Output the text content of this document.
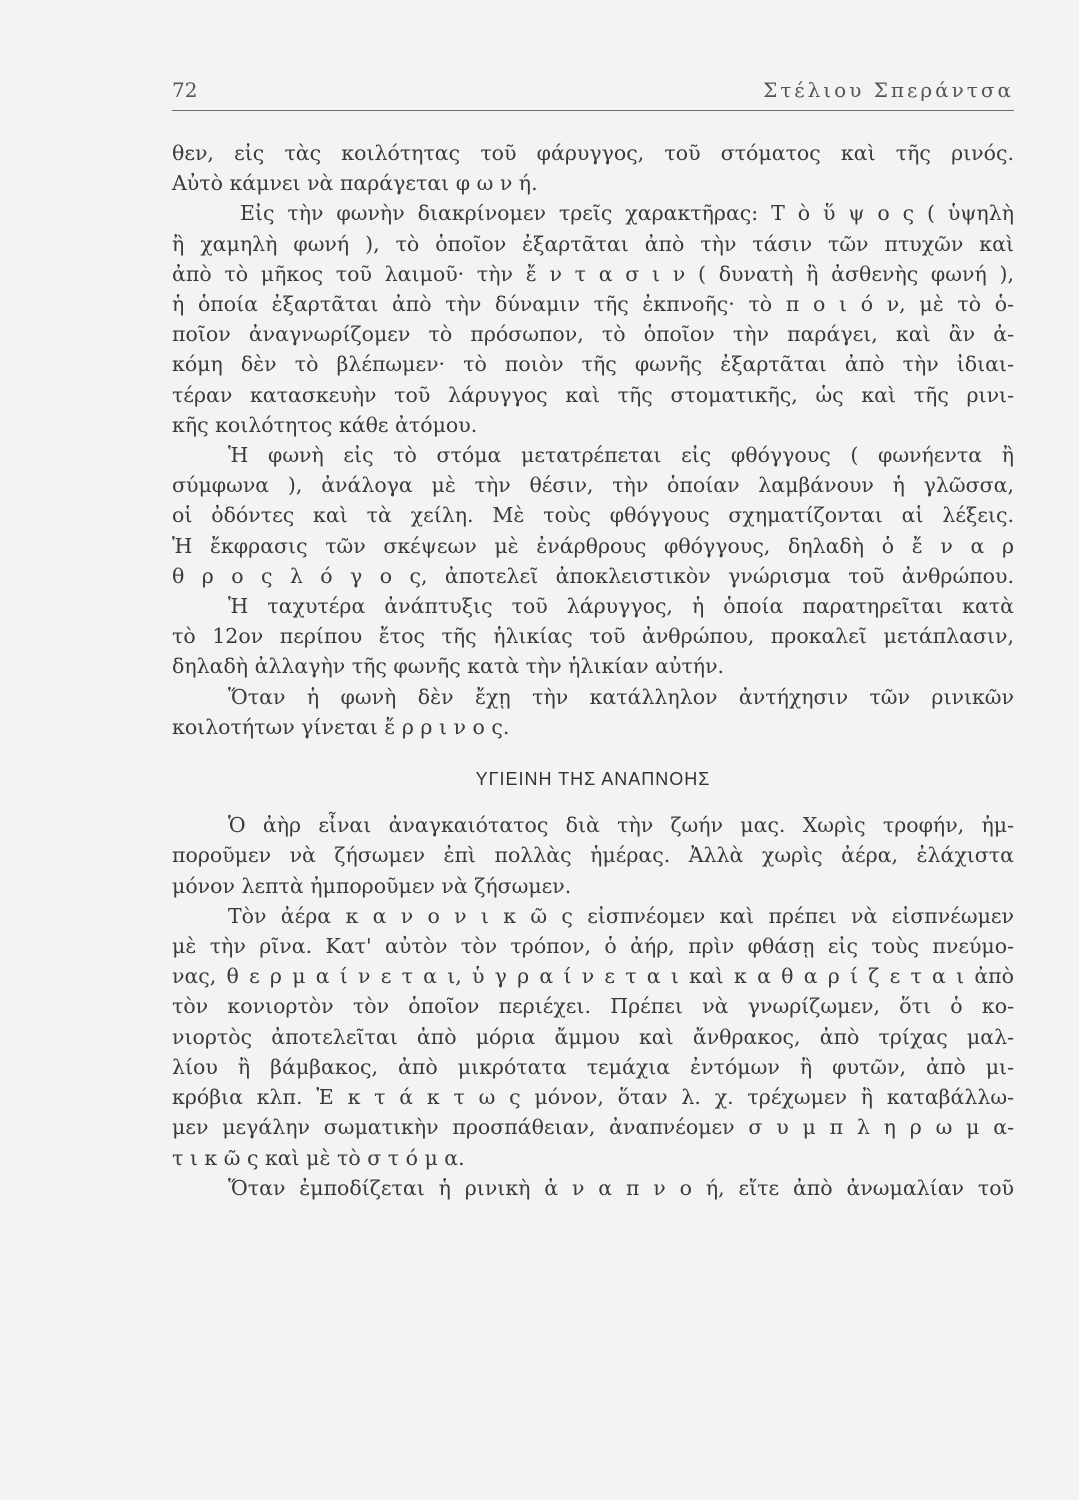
72	Στέλιου Σπεράντσα
θεν, εἰς τὰς κοιλότητας τοῦ φάρυγγος, τοῦ στόματος καὶ τῆς ρινός.
Αὐτὸ κάμνει νὰ παράγεται φ ω ν ή.
Εἰς τὴν φωνὴν διακρίνομεν τρεῖς χαρακτῆρας: Τ ὸ ὕ ψ ο ς ( ὑψηλὴ
ἢ χαμηλὴ φωνή ), τὸ ὁποῖον ἐξαρτᾶται ἀπὸ τὴν τάσιν τῶν πτυχῶν καὶ
ἀπὸ τὸ μῆκος τοῦ λαιμοῦ· τὴν ἔ ν τ α σ ι ν ( δυνατὴ ἢ ἀσθενὴς φωνή ),
ἡ ὁποία ἐξαρτᾶται ἀπὸ τὴν δύναμιν τῆς ἐκπνοῆς· τὸ π ο ι ό ν, μὲ τὸ ὁ-
ποῖον ἀναγνωρίζομεν τὸ πρόσωπον, τὸ ὁποῖον τὴν παράγει, καὶ ἂν ἀ-
κόμη δὲν τὸ βλέπωμεν· τὸ ποιὸν τῆς φωνῆς ἐξαρτᾶται ἀπὸ τὴν ἰδιαι-
τέραν κατασκευὴν τοῦ λάρυγγος καὶ τῆς στοματικῆς, ὡς καὶ τῆς ρινι-
κῆς κοιλότητος κάθε ἀτόμου.
Ἡ φωνὴ εἰς τὸ στόμα μετατρέπεται εἰς φθόγγους ( φωνήεντα ἢ
σύμφωνα ), ἀνάλογα μὲ τὴν θέσιν, τὴν ὁποίαν λαμβάνουν ἡ γλῶσσα,
οἱ ὀδόντες καὶ τὰ χείλη. Μὲ τοὺς φθόγγους σχηματίζονται αἱ λέξεις.
Ἡ ἔκφρασις τῶν σκέψεων μὲ ἐνάρθρους φθόγγους, δηλαδὴ ὁ ἔ ν α ρ
θ ρ ο ς λ ό γ ο ς, ἀποτελεῖ ἀποκλειστικὸν γνώρισμα τοῦ ἀνθρώπου.
Ἡ ταχυτέρα ἀνάπτυξις τοῦ λάρυγγος, ἡ ὁποία παρατηρεῖται κατὰ
τὸ 12ον περίπου ἔτος τῆς ἡλικίας τοῦ ἀνθρώπου, προκαλεῖ μετάπλασιν,
δηλαδὴ ἀλλαγὴν τῆς φωνῆς κατὰ τὴν ἡλικίαν αὐτήν.
Ὅταν ἡ φωνὴ δὲν ἔχῃ τὴν κατάλληλον ἀντήχησιν τῶν ρινικῶν
κοιλοτήτων γίνεται ἔ ρ ρ ι ν ο ς.
ΥΓΙΕΙΝΗ ΤΗΣ ΑΝΑΠΝΟΗΣ
Ὁ ἀὴρ εἶναι ἀναγκαιότατος διὰ τὴν ζωήν μας. Χωρὶς τροφήν, ἠμ-
ποροῦμεν νὰ ζήσωμεν ἐπὶ πολλὰς ἡμέρας. Ἀλλὰ χωρὶς ἀέρα, ἐλάχιστα
μόνον λεπτὰ ἠμποροῦμεν νὰ ζήσωμεν.
Τὸν ἀέρα κ α ν ο ν ι κ ῶ ς εἰσπνέομεν καὶ πρέπει νὰ εἰσπνέωμεν
μὲ τὴν ρῖνα. Κατ' αὐτὸν τὸν τρόπον, ὁ ἀήρ, πρὶν φθάσῃ εἰς τοὺς πνεύμο-
νας, θ ε ρ μ α ί ν ε τ α ι, ὑ γ ρ α ί ν ε τ α ι καὶ κ α θ α ρ ί ζ ε τ α ι ἀπὸ
τὸν κονιορτὸν τὸν ὁποῖον περιέχει. Πρέπει νὰ γνωρίζωμεν, ὅτι ὁ κο-
νιορτὸς ἀποτελεῖται ἀπὸ μόρια ἄμμου καὶ ἄνθρακος, ἀπὸ τρίχας μαλ-
λίου ἢ βάμβακος, ἀπὸ μικρότατα τεμάχια ἐντόμων ἢ φυτῶν, ἀπὸ μι-
κρόβια κλπ. Ἐ κ τ ά κ τ ω ς μόνον, ὅταν λ. χ. τρέχωμεν ἢ καταβάλλω-
μεν μεγάλην σωματικὴν προσπάθειαν, ἀναπνέομεν σ υ μ π λ η ρ ω μ α-
τ ι κ ῶ ς καὶ μὲ τὸ σ τ ό μ α.
Ὅταν ἐμποδίζεται ἡ ρινικὴ ἀ ν α π ν ο ή, εἴτε ἀπὸ ἀνωμαλίαν τοῦ
